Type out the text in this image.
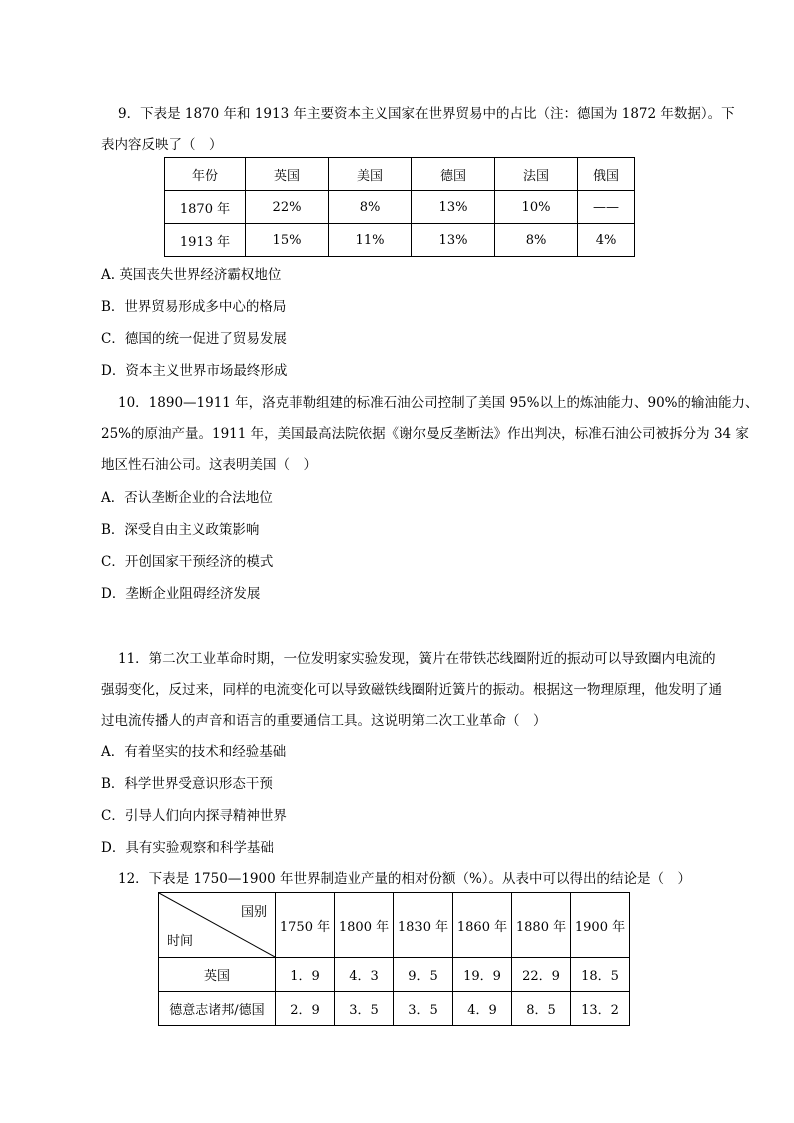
9．下表是 1870 年和 1913 年主要资本主义国家在世界贸易中的占比（注：德国为 1872 年数据）。下
表内容反映了（　）
年份	英国	美国	德国	法国	俄国
1870 年	22%	8%	13%	10%	——
1913 年	15%	11%	13%	8%	4%
A. 英国丧失世界经济霸权地位
B．世界贸易形成多中心的格局
C．德国的统一促进了贸易发展
D．资本主义世界市场最终形成
10．1890—1911 年，洛克菲勒组建的标准石油公司控制了美国 95%以上的炼油能力、90%的输油能力、
25%的原油产量。1911 年，美国最高法院依据《谢尔曼反垄断法》作出判决，标准石油公司被拆分为 34 家
地区性石油公司。这表明美国（　）
A．否认垄断企业的合法地位
B．深受自由主义政策影响
C．开创国家干预经济的模式
D．垄断企业阻碍经济发展
11．第二次工业革命时期，一位发明家实验发现，簧片在带铁芯线圈附近的振动可以导致圈内电流的
强弱变化，反过来，同样的电流变化可以导致磁铁线圈附近簧片的振动。根据这一物理原理，他发明了通
过电流传播人的声音和语言的重要通信工具。这说明第二次工业革命（　）
A．有着坚实的技术和经验基础
B．科学世界受意识形态干预
C．引导人们向内探寻精神世界
D．具有实验观察和科学基础
12．下表是 1750—1900 年世界制造业产量的相对份额（%）。从表中可以得出的结论是（　）
国别
时间	1750 年	1800 年	1830 年	1860 年	1880 年	1900 年
英国	1．9	4．3	9．5	19．9	22．9	18．5
德意志诸邦/德国	2．9	3．5	3．5	4．9	8．5	13．2
